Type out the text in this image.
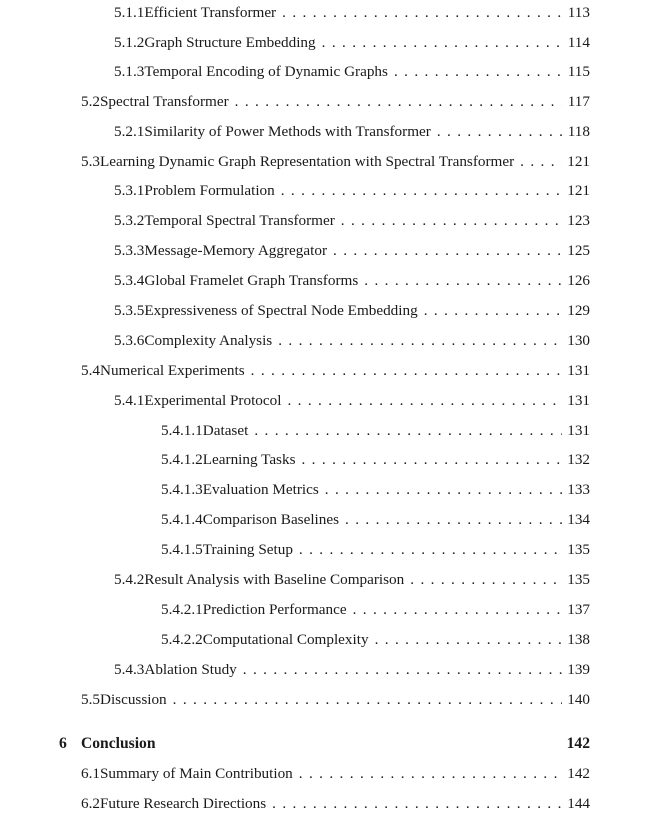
5.1.1 Efficient Transformer . . .	113
5.1.2 Graph Structure Embedding . . .	114
5.1.3 Temporal Encoding of Dynamic Graphs . . .	115
5.2 Spectral Transformer . . .	117
5.2.1 Similarity of Power Methods with Transformer . . .	118
5.3 Learning Dynamic Graph Representation with Spectral Transformer . . .	121
5.3.1 Problem Formulation . . .	121
5.3.2 Temporal Spectral Transformer . . .	123
5.3.3 Message-Memory Aggregator . . .	125
5.3.4 Global Framelet Graph Transforms . . .	126
5.3.5 Expressiveness of Spectral Node Embedding . . .	129
5.3.6 Complexity Analysis . . .	130
5.4 Numerical Experiments . . .	131
5.4.1 Experimental Protocol . . .	131
5.4.1.1 Dataset . . .	131
5.4.1.2 Learning Tasks . . .	132
5.4.1.3 Evaluation Metrics . . .	133
5.4.1.4 Comparison Baselines . . .	134
5.4.1.5 Training Setup . . .	135
5.4.2 Result Analysis with Baseline Comparison . . .	135
5.4.2.1 Prediction Performance . . .	137
5.4.2.2 Computational Complexity . . .	138
5.4.3 Ablation Study . . .	139
5.5 Discussion . . .	140
6 Conclusion	142
6.1 Summary of Main Contribution . . .	142
6.2 Future Research Directions . . .	144
